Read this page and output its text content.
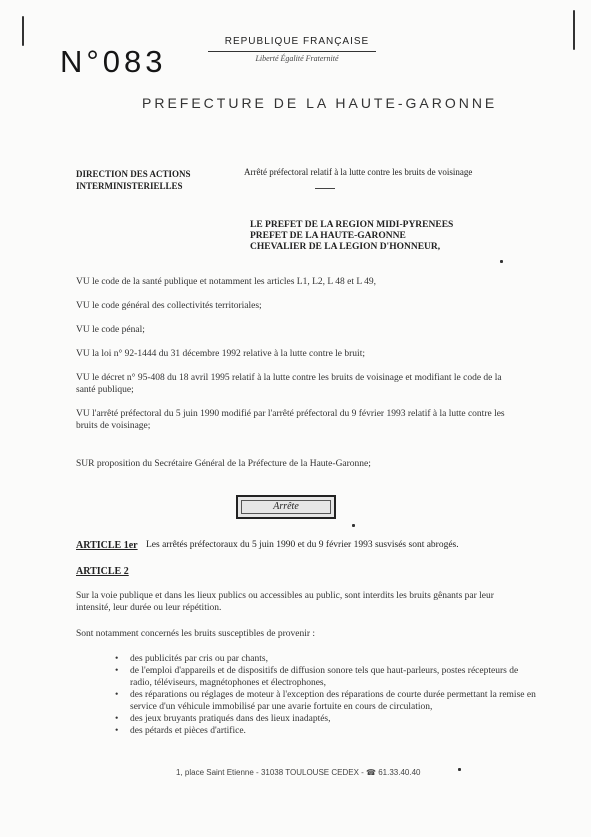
N°083
REPUBLIQUE FRANÇAISE
Liberté Égalité Fraternité
PREFECTURE DE LA HAUTE-GARONNE
DIRECTION DES ACTIONS INTERMINISTERIELLES
Arrêté préfectoral relatif à la lutte contre les bruits de voisinage
LE PREFET DE LA REGION MIDI-PYRENEES
PREFET DE LA HAUTE-GARONNE
CHEVALIER DE LA LEGION D'HONNEUR,
VU le code de la santé publique et notamment les articles L1, L2, L 48 et L 49,
VU le code général des collectivités territoriales;
VU le code pénal;
VU la loi n° 92-1444 du 31 décembre 1992 relative à la lutte contre le bruit;
VU le décret n° 95-408 du 18 avril 1995 relatif à la lutte contre les bruits de voisinage et modifiant le code de la santé publique;
VU l'arrêté préfectoral du 5 juin 1990 modifié par l'arrêté préfectoral du 9 février 1993 relatif à la lutte contre les bruits de voisinage;
SUR proposition du Secrétaire Général de la Préfecture de la Haute-Garonne;
Arrête
ARTICLE 1er Les arrêtés préfectoraux du 5 juin 1990 et du 9 février 1993 susvisés sont abrogés.
ARTICLE 2
Sur la voie publique et dans les lieux publics ou accessibles au public, sont interdits les bruits gênants par leur intensité, leur durée ou leur répétition.
Sont notamment concernés les bruits susceptibles de provenir :
• des publicités par cris ou par chants,
• de l'emploi d'appareils et de dispositifs de diffusion sonore tels que haut-parleurs, postes récepteurs de radio, téléviseurs, magnétophones et électrophones,
• des réparations ou réglages de moteur à l'exception des réparations de courte durée permettant la remise en service d'un véhicule immobilisé par une avarie fortuite en cours de circulation,
• des jeux bruyants pratiqués dans des lieux inadaptés,
• des pétards et pièces d'artifice.
1, place Saint Etienne - 31038 TOULOUSE CEDEX - ☎ 61.33.40.40
